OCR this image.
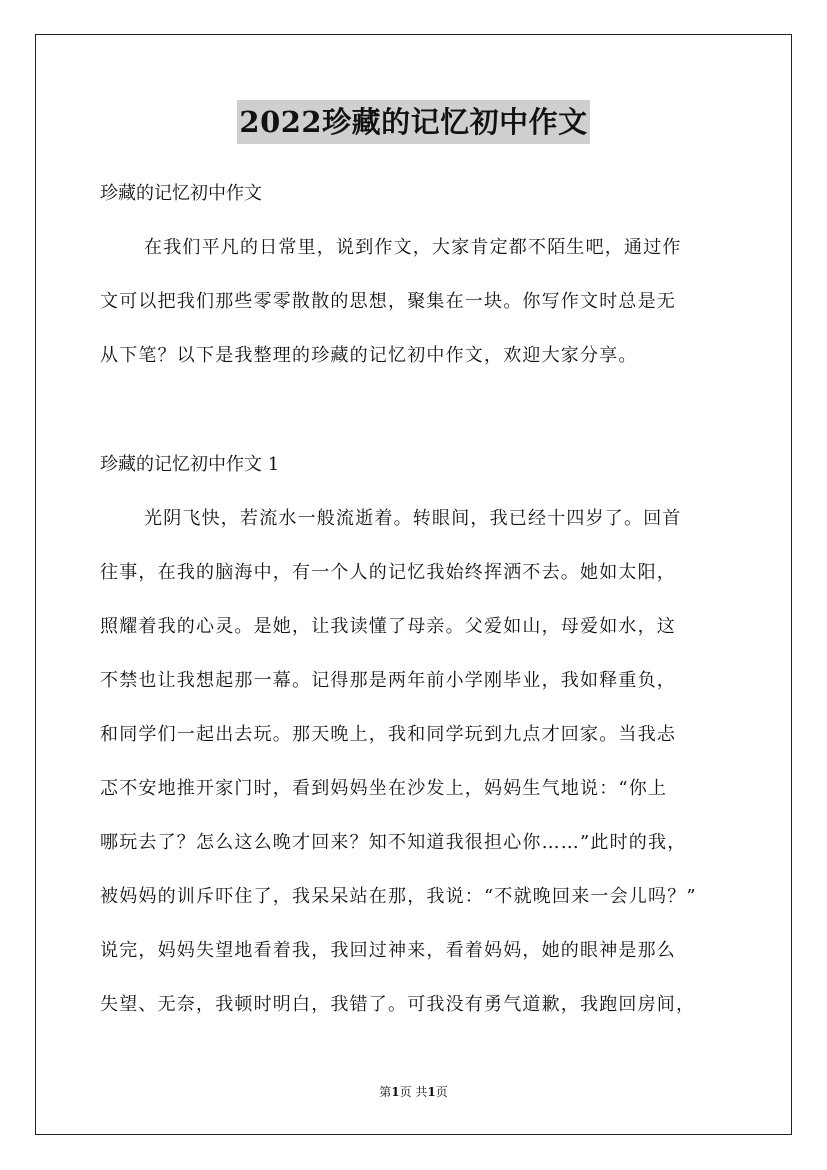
2022珍藏的记忆初中作文
珍藏的记忆初中作文
在我们平凡的日常里，说到作文，大家肯定都不陌生吧，通过作
文可以把我们那些零零散散的思想，聚集在一块。你写作文时总是无
从下笔？以下是我整理的珍藏的记忆初中作文，欢迎大家分享。
珍藏的记忆初中作文 1
光阴飞快，若流水一般流逝着。转眼间，我已经十四岁了。回首
往事，在我的脑海中，有一个人的记忆我始终挥洒不去。她如太阳，
照耀着我的心灵。是她，让我读懂了母亲。父爱如山，母爱如水，这
不禁也让我想起那一幕。记得那是两年前小学刚毕业，我如释重负，
和同学们一起出去玩。那天晚上，我和同学玩到九点才回家。当我忐
忑不安地推开家门时，看到妈妈坐在沙发上，妈妈生气地说：“你上
哪玩去了？怎么这么晚才回来？知不知道我很担心你……”此时的我，
被妈妈的训斥吓住了，我呆呆站在那，我说：“不就晚回来一会儿吗？”
说完，妈妈失望地看着我，我回过神来，看着妈妈，她的眼神是那么
失望、无奈，我顿时明白，我错了。可我没有勇气道歉，我跑回房间，
第1页 共1页
